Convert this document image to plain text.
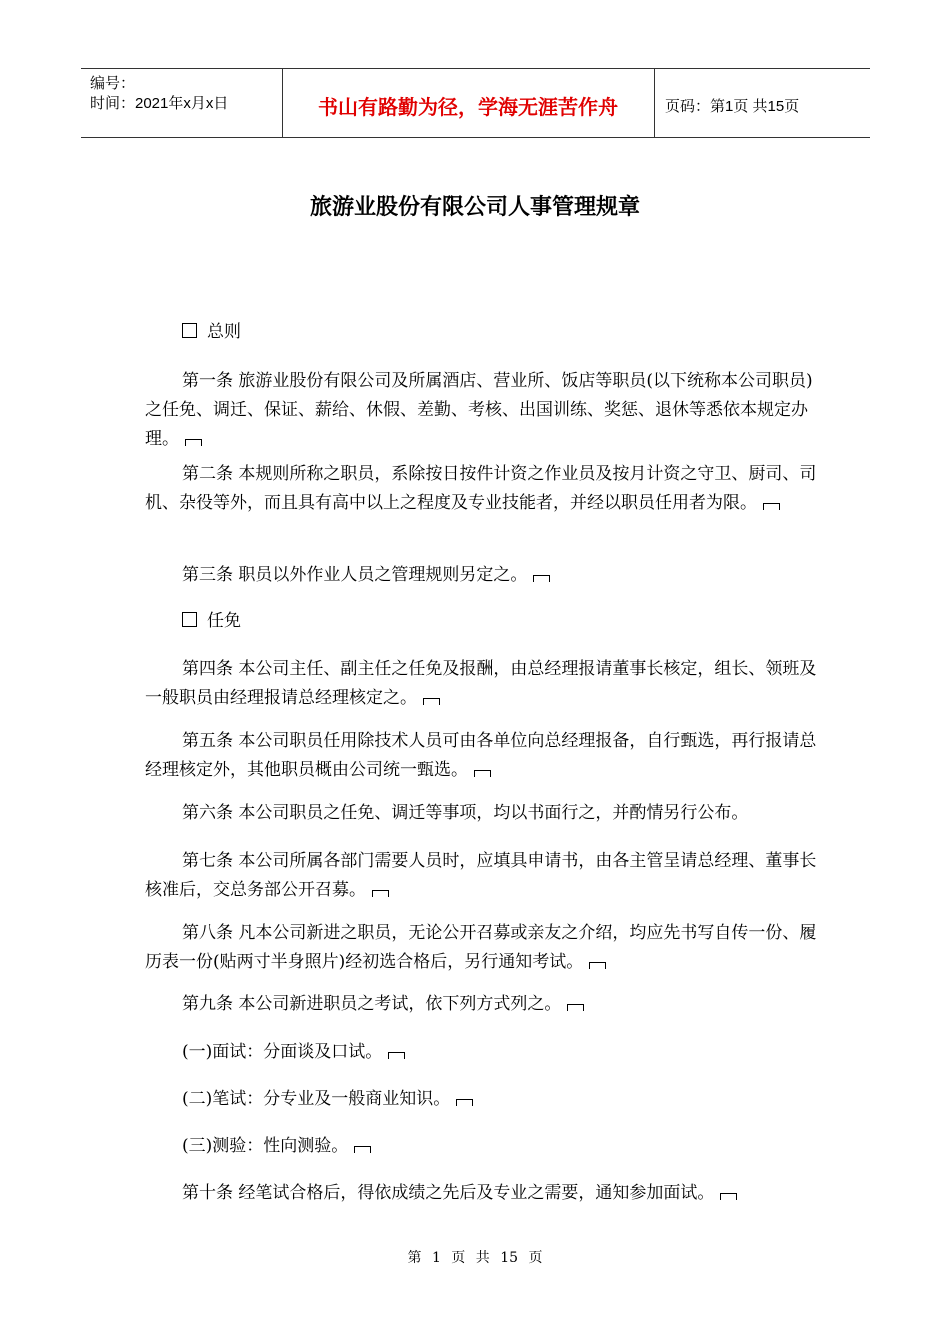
编号：
时间：2021年x月x日	书山有路勤为径，学海无涯苦作舟	页码：第1页 共15页
旅游业股份有限公司人事管理规章

总则

第一条 旅游业股份有限公司及所属酒店、营业所、饭店等职员(以下统称本公司职员)之任免、调迁、保证、薪给、休假、差勤、考核、出国训练、奖惩、退休等悉依本规定办理。

第二条 本规则所称之职员，系除按日按件计资之作业员及按月计资之守卫、厨司、司机、杂役等外，而且具有高中以上之程度及专业技能者，并经以职员任用者为限。

第三条 职员以外作业人员之管理规则另定之。

任免

第四条 本公司主任、副主任之任免及报酬，由总经理报请董事长核定，组长、领班及一般职员由经理报请总经理核定之。

第五条 本公司职员任用除技术人员可由各单位向总经理报备，自行甄选，再行报请总经理核定外，其他职员概由公司统一甄选。

第六条 本公司职员之任免、调迁等事项，均以书面行之，并酌情另行公布。

第七条 本公司所属各部门需要人员时，应填具申请书，由各主管呈请总经理、董事长核准后，交总务部公开召募。

第八条 凡本公司新进之职员，无论公开召募或亲友之介绍，均应先书写自传一份、履历表一份(贴两寸半身照片)经初选合格后，另行通知考试。

第九条 本公司新进职员之考试，依下列方式列之。

(一)面试：分面谈及口试。

(二)笔试：分专业及一般商业知识。

(三)测验：性向测验。

第十条 经笔试合格后，得依成绩之先后及专业之需要，通知参加面试。

第 1 页 共 15 页
